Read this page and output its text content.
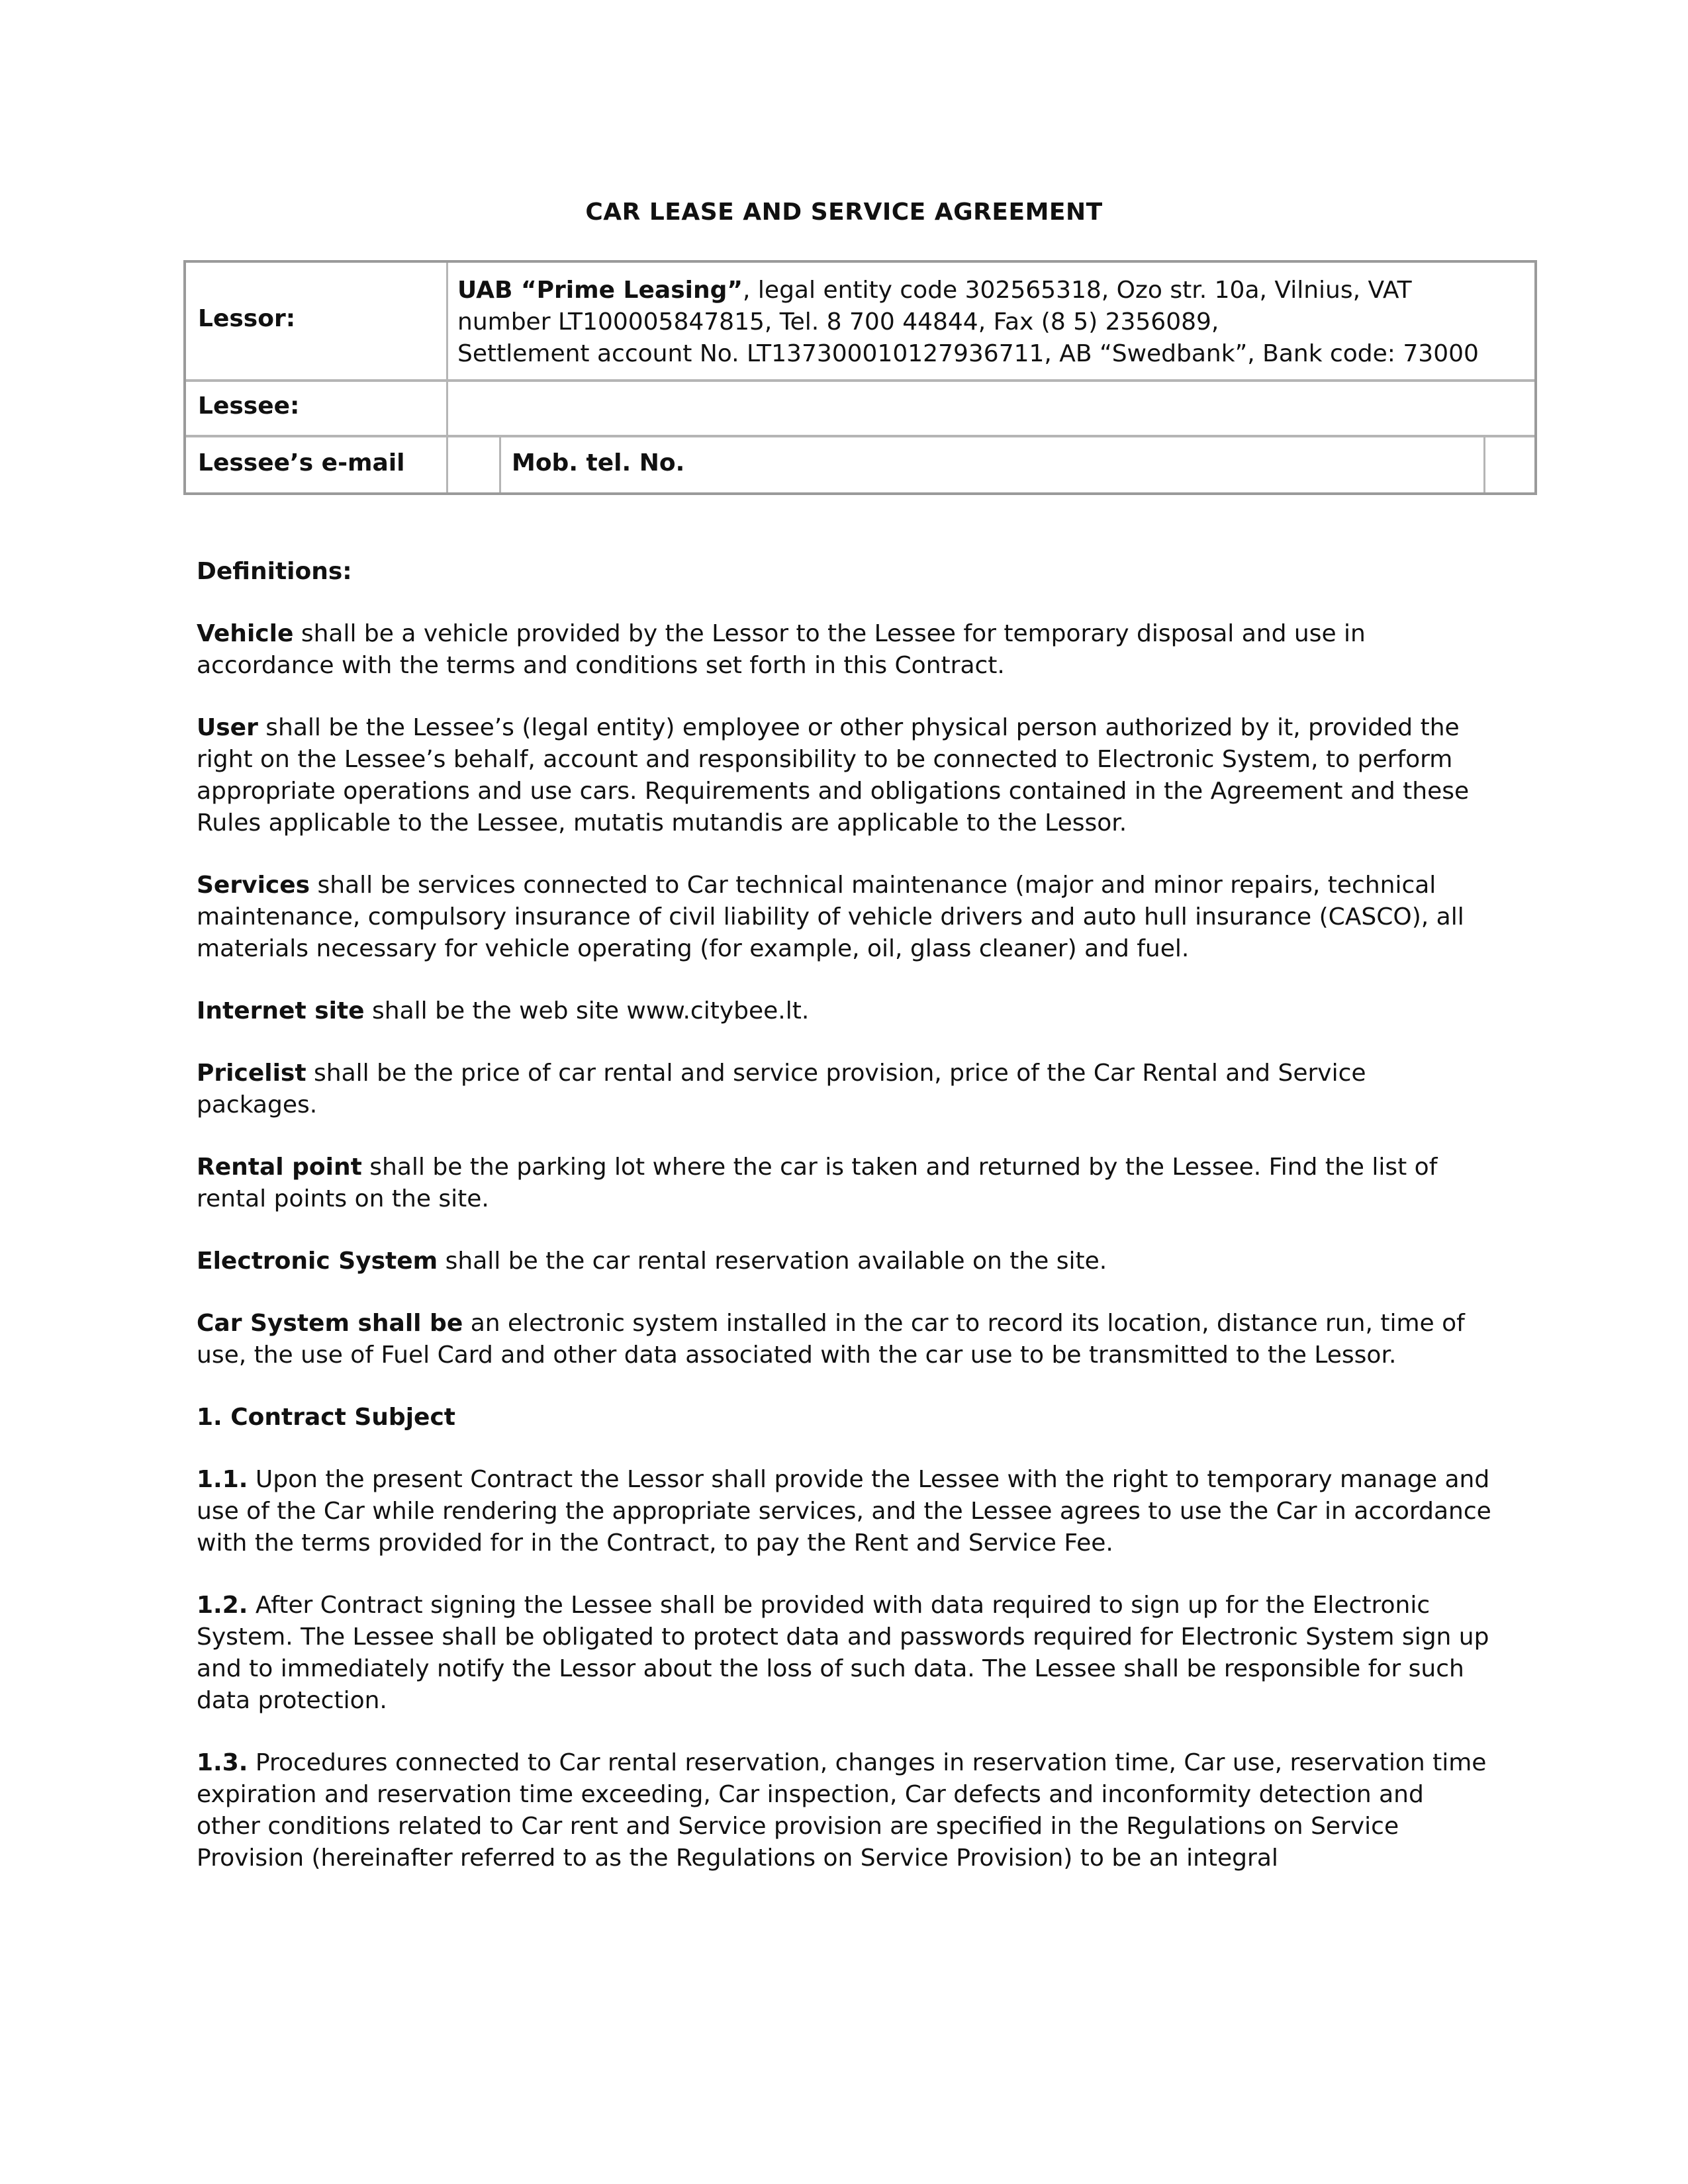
CAR LEASE AND SERVICE AGREEMENT
Lessor:
UAB “Prime Leasing”, legal entity code 302565318, Ozo str. 10a, Vilnius, VAT
number LT100005847815, Tel. 8 700 44844, Fax (8 5) 2356089,
Settlement account No. LT137300010127936711, AB “Swedbank”, Bank code: 73000
Lessee:
Lessee’s e-mail	Mob. tel. No.

Definitions:

Vehicle shall be a vehicle provided by the Lessor to the Lessee for temporary disposal and use in accordance with the terms and conditions set forth in this Contract.

User shall be the Lessee’s (legal entity) employee or other physical person authorized by it, provided the right on the Lessee’s behalf, account and responsibility to be connected to Electronic System, to perform appropriate operations and use cars. Requirements and obligations contained in the Agreement and these Rules applicable to the Lessee, mutatis mutandis are applicable to the Lessor.

Services shall be services connected to Car technical maintenance (major and minor repairs, technical maintenance, compulsory insurance of civil liability of vehicle drivers and auto hull insurance (CASCO), all materials necessary for vehicle operating (for example, oil, glass cleaner) and fuel.

Internet site shall be the web site www.citybee.lt.

Pricelist shall be the price of car rental and service provision, price of the Car Rental and Service packages.

Rental point shall be the parking lot where the car is taken and returned by the Lessee. Find the list of rental points on the site.

Electronic System shall be the car rental reservation available on the site.

Car System shall be an electronic system installed in the car to record its location, distance run, time of use, the use of Fuel Card and other data associated with the car use to be transmitted to the Lessor.

1. Contract Subject

1.1. Upon the present Contract the Lessor shall provide the Lessee with the right to temporary manage and use of the Car while rendering the appropriate services, and the Lessee agrees to use the Car in accordance with the terms provided for in the Contract, to pay the Rent and Service Fee.

1.2. After Contract signing the Lessee shall be provided with data required to sign up for the Electronic System. The Lessee shall be obligated to protect data and passwords required for Electronic System sign up and to immediately notify the Lessor about the loss of such data. The Lessee shall be responsible for such data protection.

1.3. Procedures connected to Car rental reservation, changes in reservation time, Car use, reservation time expiration and reservation time exceeding, Car inspection, Car defects and inconformity detection and other conditions related to Car rent and Service provision are specified in the Regulations on Service Provision (hereinafter referred to as the Regulations on Service Provision) to be an integral
